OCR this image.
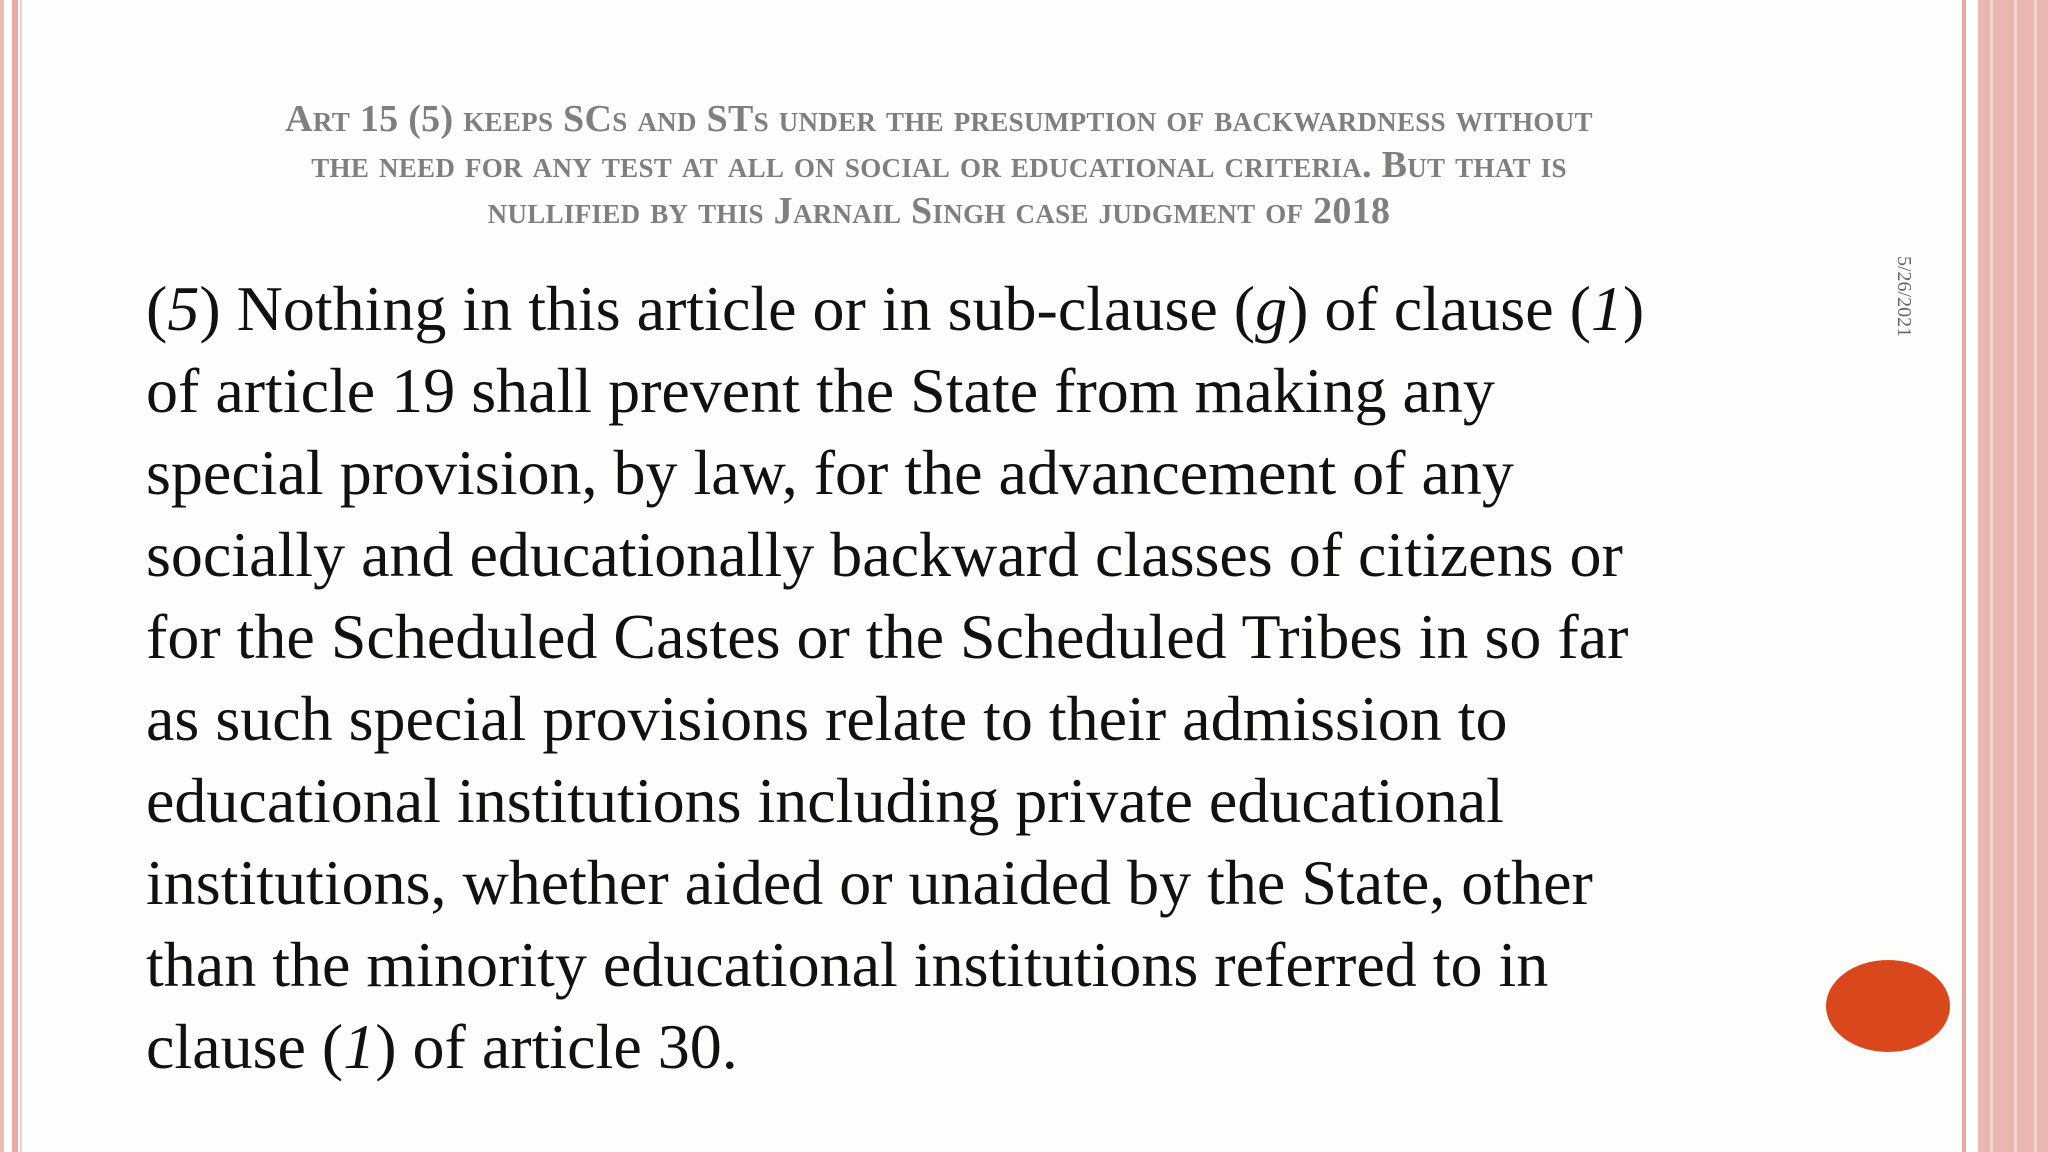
Art 15 (5) keeps SCs and STs under the presumption of backwardness without
the need for any test at all on social or educational criteria. But that is
nullified by this Jarnail Singh case judgment of 2018
(5) Nothing in this article or in sub-clause (g) of clause (1)
of article 19 shall prevent the State from making any
special provision, by law, for the advancement of any
socially and educationally backward classes of citizens or
for the Scheduled Castes or the Scheduled Tribes in so far
as such special provisions relate to their admission to
educational institutions including private educational
institutions, whether aided or unaided by the State, other
than the minority educational institutions referred to in
clause (1) of article 30.
5/26/2021
